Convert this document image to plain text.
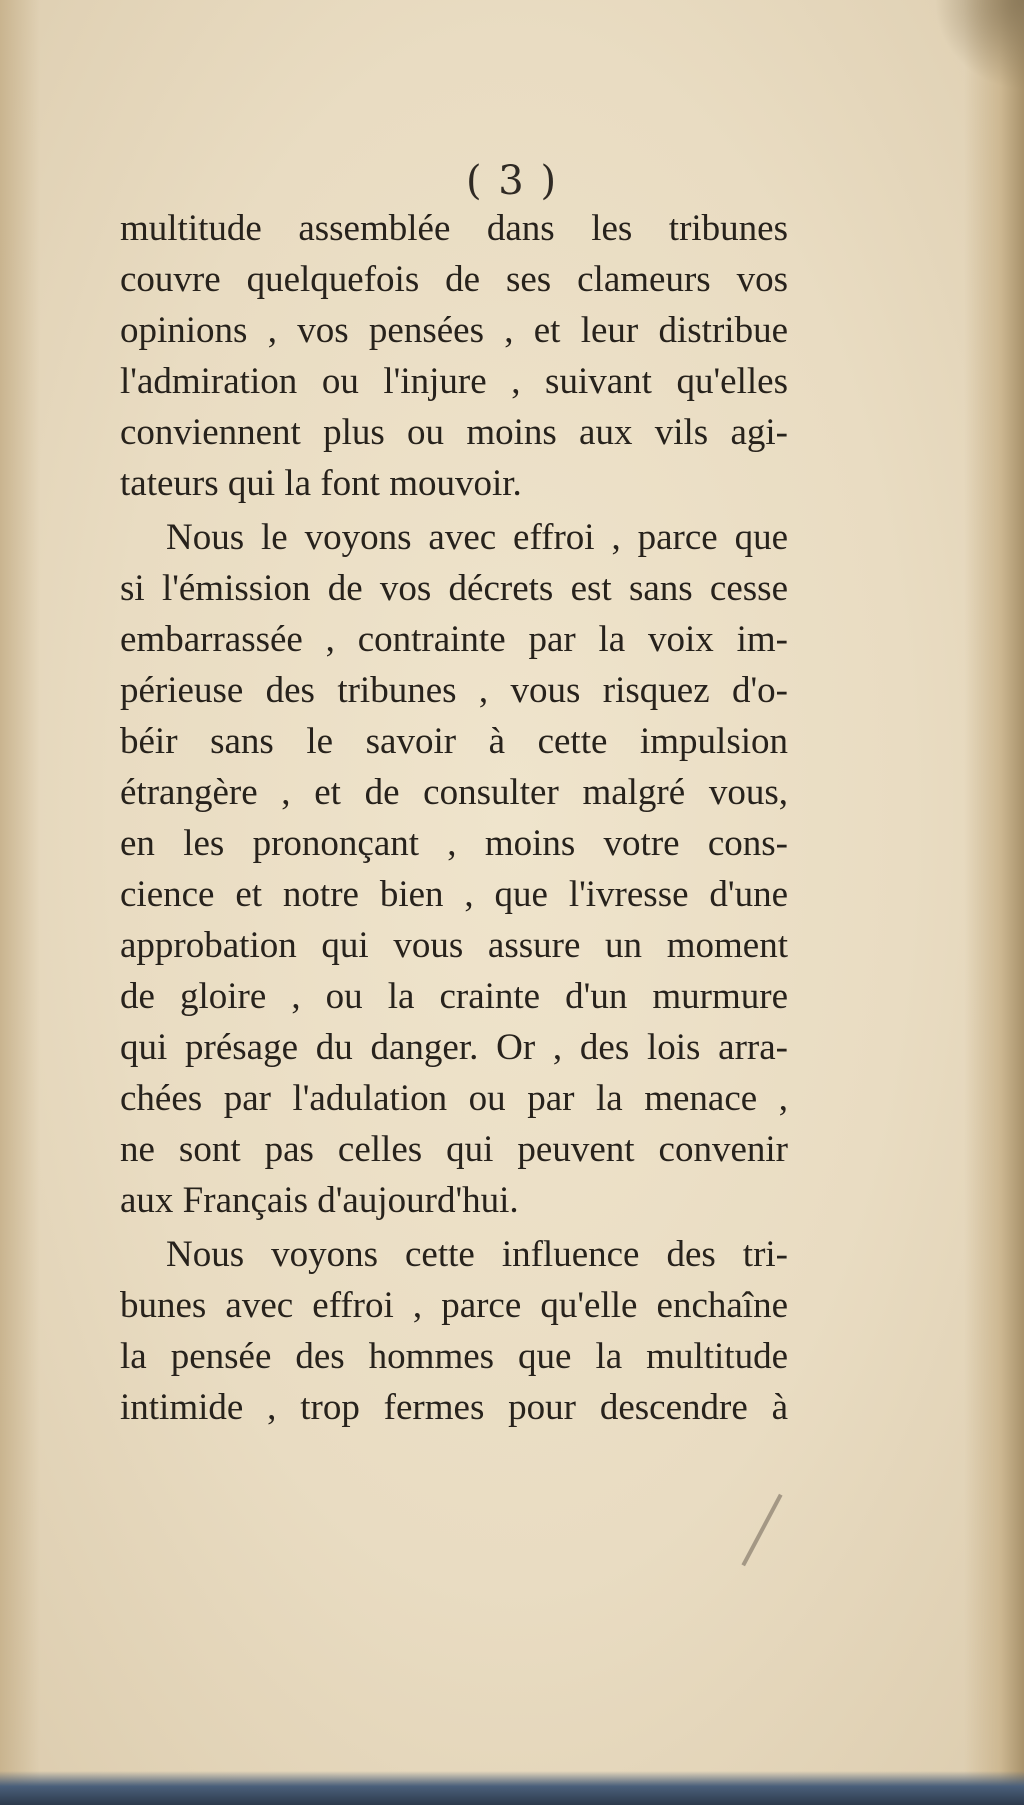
( 3 )
multitude assemblée dans les tribunes
couvre quelquefois de ses clameurs vos
opinions , vos pensées , et leur distribue
l'admiration ou l'injure , suivant qu'elles
conviennent plus ou moins aux vils agi-
tateurs qui la font mouvoir.
Nous le voyons avec effroi , parce que
si l'émission de vos décrets est sans cesse
embarrassée , contrainte par la voix im-
périeuse des tribunes , vous risquez d'o-
béir sans le savoir à cette impulsion
étrangère , et de consulter malgré vous,
en les prononçant , moins votre cons-
cience et notre bien , que l'ivresse d'une
approbation qui vous assure un moment
de gloire , ou la crainte d'un murmure
qui présage du danger. Or , des lois arra-
chées par l'adulation ou par la menace ,
ne sont pas celles qui peuvent convenir
aux Français d'aujourd'hui.
Nous voyons cette influence des tri-
bunes avec effroi , parce qu'elle enchaîne
la pensée des hommes que la multitude
intimide , trop fermes pour descendre à
